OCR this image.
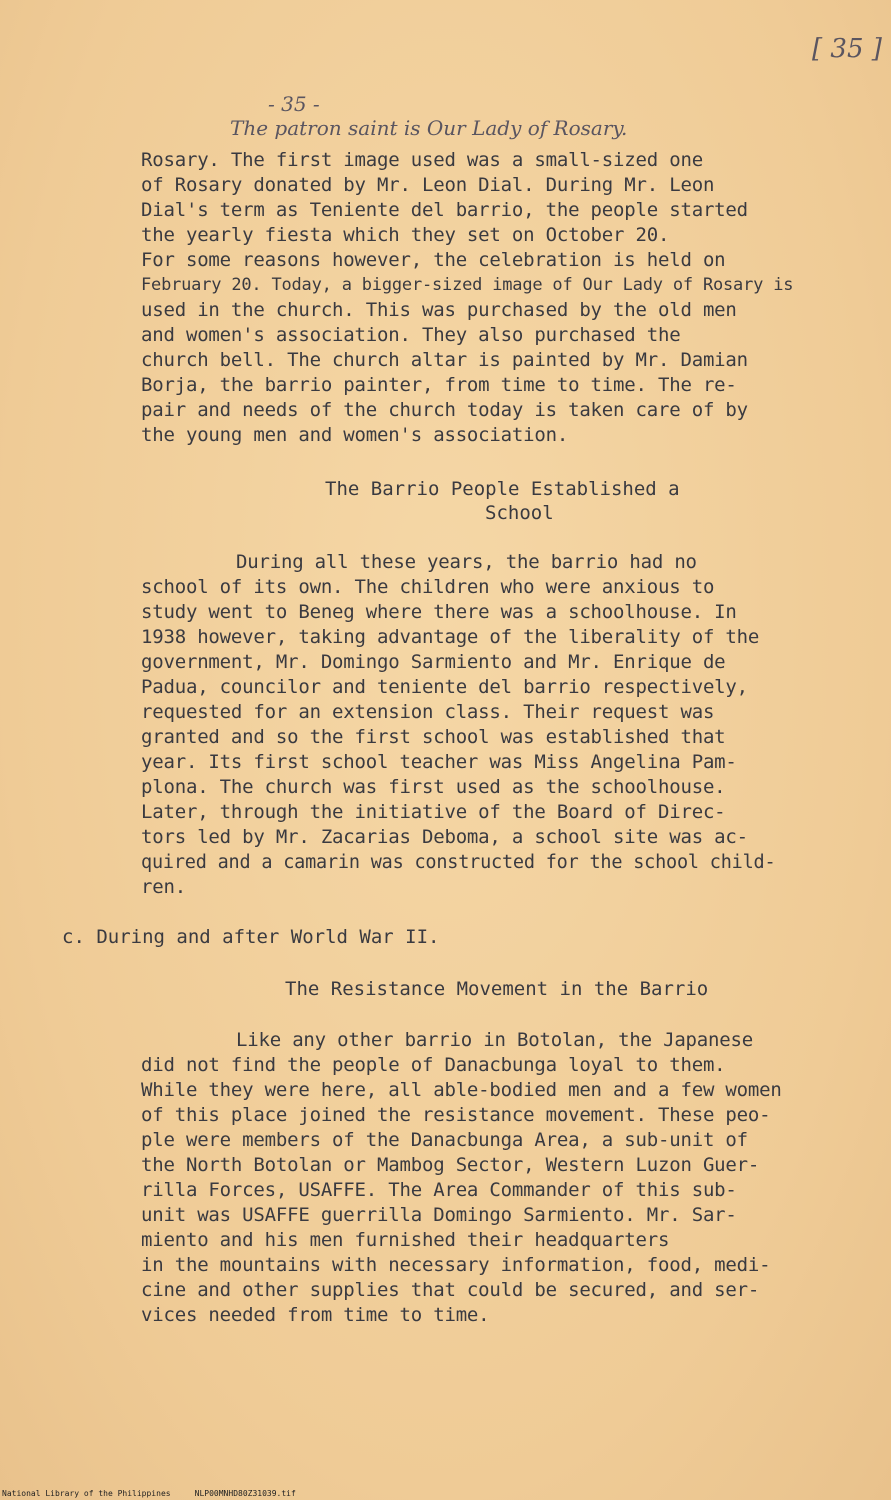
[ 35 ]
- 35 -
The patron saint is Our Lady of Rosary.
Rosary. The first image used was a small-sized one
of Rosary donated by Mr. Leon Dial. During Mr. Leon
Dial's term as Teniente del barrio, the people started
the yearly fiesta which they set on October 20.
For some reasons however, the celebration is held on
February 20. Today, a bigger-sized image of Our Lady of Rosary is
used in the church. This was purchased by the old men
and women's association. They also purchased the
church bell. The church altar is painted by Mr. Damian
Borja, the barrio painter, from time to time. The re-
pair and needs of the church today is taken care of by
the young men and women's association.
The Barrio People Established a
School
During all these years, the barrio had no
school of its own. The children who were anxious to
study went to Beneg where there was a schoolhouse. In
1938 however, taking advantage of the liberality of the
government, Mr. Domingo Sarmiento and Mr. Enrique de
Padua, councilor and teniente del barrio respectively,
requested for an extension class. Their request was
granted and so the first school was established that
year. Its first school teacher was Miss Angelina Pam-
plona. The church was first used as the schoolhouse.
Later, through the initiative of the Board of Direc-
tors led by Mr. Zacarias Deboma, a school site was ac-
quired and a camarin was constructed for the school child-
ren.
c. During and after World War II.
The Resistance Movement in the Barrio
Like any other barrio in Botolan, the Japanese
did not find the people of Danacbunga loyal to them.
While they were here, all able-bodied men and a few women
of this place joined the resistance movement. These peo-
ple were members of the Danacbunga Area, a sub-unit of
the North Botolan or Mambog Sector, Western Luzon Guer-
rilla Forces, USAFFE. The Area Commander of this sub-
unit was USAFFE guerrilla Domingo Sarmiento. Mr. Sar-
miento and his men furnished their headquarters
in the mountains with necessary information, food, medi-
cine and other supplies that could be secured, and ser-
vices needed from time to time.
National Library of the Philippines     NLP00MNHD80Z31039.tif
